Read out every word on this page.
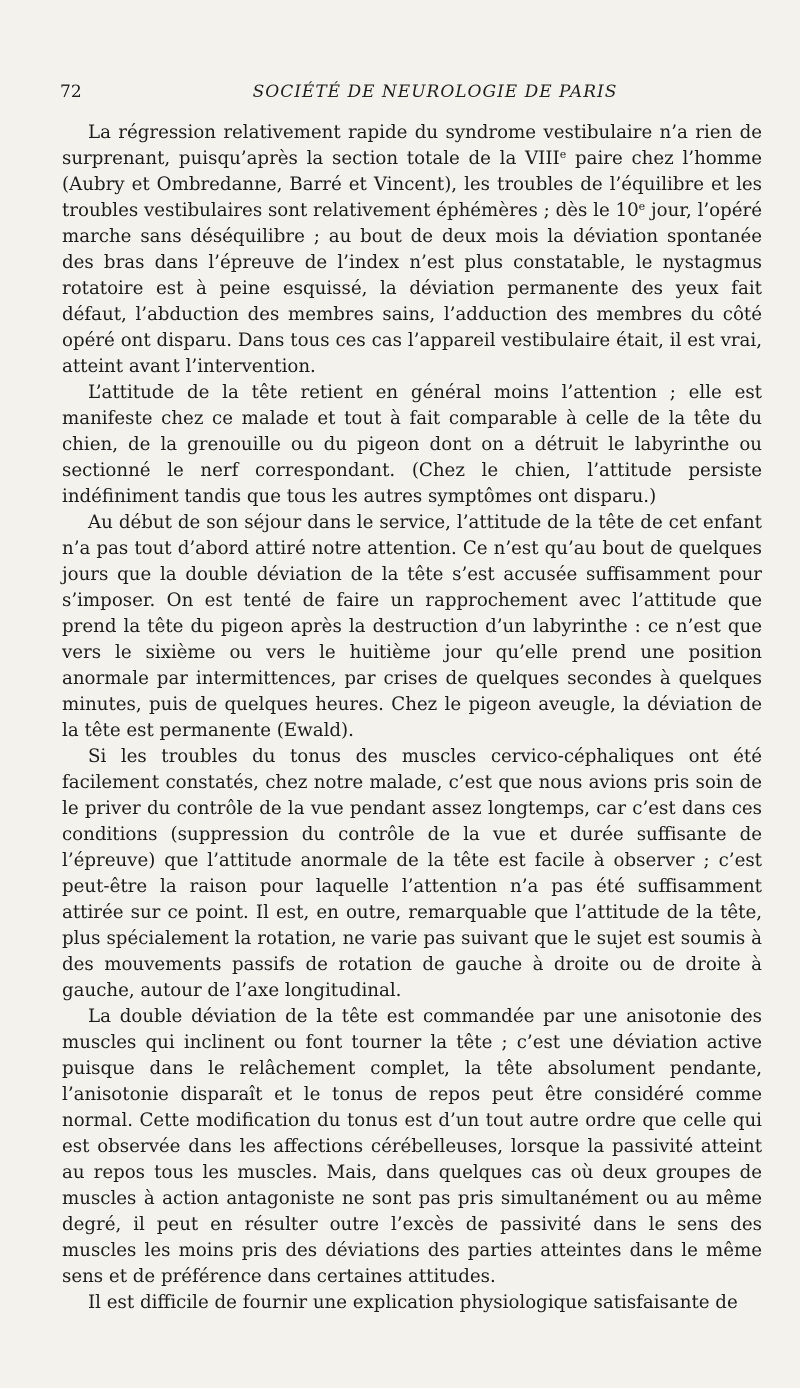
72	SOCIÉTÉ DE NEUROLOGIE DE PARIS

La régression relativement rapide du syndrome vestibulaire n’a rien de surprenant, puisqu’après la section totale de la VIIIe paire chez l’homme (Aubry et Ombredanne, Barré et Vincent), les troubles de l’équilibre et les troubles vestibulaires sont relativement éphémères ; dès le 10e jour, l’opéré marche sans déséquilibre ; au bout de deux mois la déviation spontanée des bras dans l’épreuve de l’index n’est plus constatable, le nystagmus rotatoire est à peine esquissé, la déviation permanente des yeux fait défaut, l’abduction des membres sains, l’adduction des membres du côté opéré ont disparu. Dans tous ces cas l’appareil vestibulaire était, il est vrai, atteint avant l’intervention.

L’attitude de la tête retient en général moins l’attention ; elle est manifeste chez ce malade et tout à fait comparable à celle de la tête du chien, de la grenouille ou du pigeon dont on a détruit le labyrinthe ou sectionné le nerf correspondant. (Chez le chien, l’attitude persiste indéfiniment tandis que tous les autres symptômes ont disparu.)

Au début de son séjour dans le service, l’attitude de la tête de cet enfant n’a pas tout d’abord attiré notre attention. Ce n’est qu’au bout de quelques jours que la double déviation de la tête s’est accusée suffisamment pour s’imposer. On est tenté de faire un rapprochement avec l’attitude que prend la tête du pigeon après la destruction d’un labyrinthe : ce n’est que vers le sixième ou vers le huitième jour qu’elle prend une position anormale par intermittences, par crises de quelques secondes à quelques minutes, puis de quelques heures. Chez le pigeon aveugle, la déviation de la tête est permanente (Ewald).

Si les troubles du tonus des muscles cervico-céphaliques ont été facilement constatés, chez notre malade, c’est que nous avions pris soin de le priver du contrôle de la vue pendant assez longtemps, car c’est dans ces conditions (suppression du contrôle de la vue et durée suffisante de l’épreuve) que l’attitude anormale de la tête est facile à observer ; c’est peut-être la raison pour laquelle l’attention n’a pas été suffisamment attirée sur ce point. Il est, en outre, remarquable que l’attitude de la tête, plus spécialement la rotation, ne varie pas suivant que le sujet est soumis à des mouvements passifs de rotation de gauche à droite ou de droite à gauche, autour de l’axe longitudinal.

La double déviation de la tête est commandée par une anisotonie des muscles qui inclinent ou font tourner la tête ; c’est une déviation active puisque dans le relâchement complet, la tête absolument pendante, l’anisotonie disparaît et le tonus de repos peut être considéré comme normal. Cette modification du tonus est d’un tout autre ordre que celle qui est observée dans les affections cérébelleuses, lorsque la passivité atteint au repos tous les muscles. Mais, dans quelques cas où deux groupes de muscles à action antagoniste ne sont pas pris simultanément ou au même degré, il peut en résulter outre l’excès de passivité dans le sens des muscles les moins pris des déviations des parties atteintes dans le même sens et de préférence dans certaines attitudes.

Il est difficile de fournir une explication physiologique satisfaisante de
